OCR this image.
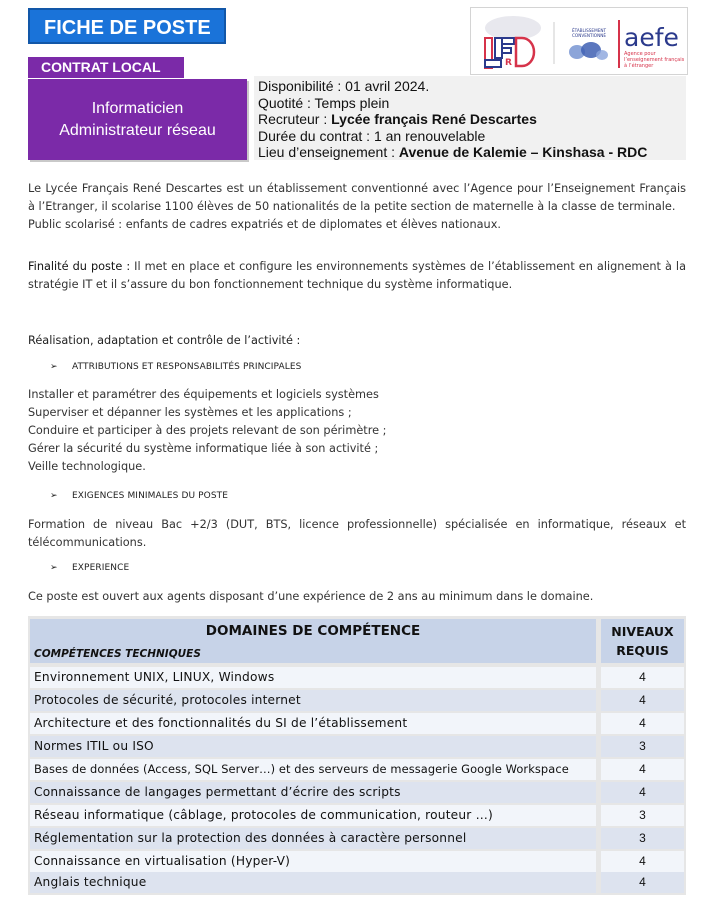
FICHE DE POSTE
CONTRAT LOCAL
Informaticien
Administrateur réseau
Disponibilité : 01 avril 2024.
Quotité : Temps plein
Recruteur : Lycée français René Descartes
Durée du contrat : 1 an renouvelable
Lieu d’enseignement : Avenue de Kalemie – Kinshasa - RDC
LFRD
R
ÉTABLISSEMENT
CONVENTIONNÉ aefe
Agence pour
l’enseignement français
à l’étranger
Le Lycée Français René Descartes est un établissement conventionné avec l’Agence pour l’Enseignement Français à l’Etranger, il scolarise 1100 élèves de 50 nationalités de la petite section de maternelle à la classe de terminale.
Public scolarisé : enfants de cadres expatriés et de diplomates et élèves nationaux.
Finalité du poste : Il met en place et configure les environnements systèmes de l’établissement en alignement à la stratégie IT et il s’assure du bon fonctionnement technique du système informatique.
Réalisation, adaptation et contrôle de l’activité :
➢ ATTRIBUTIONS ET RESPONSABILITÉS PRINCIPALES
Installer et paramétrer des équipements et logiciels systèmes
Superviser et dépanner les systèmes et les applications ;
Conduire et participer à des projets relevant de son périmètre ;
Gérer la sécurité du système informatique liée à son activité ;
Veille technologique.
➢ EXIGENCES MINIMALES DU POSTE
Formation de niveau Bac +2/3 (DUT, BTS, licence professionnelle) spécialisée en informatique, réseaux et télécommunications.
➢ EXPERIENCE
Ce poste est ouvert aux agents disposant d’une expérience de 2 ans au minimum dans le domaine.
DOMAINES DE COMPÉTENCE
COMPÉTENCES TECHNIQUES
NIVEAUX
REQUIS
Environnement UNIX, LINUX, Windows	4
Protocoles de sécurité, protocoles internet	4
Architecture et des fonctionnalités du SI de l’établissement	4
Normes ITIL ou ISO	3
Bases de données (Access, SQL Server…) et des serveurs de messagerie Google Workspace	4
Connaissance de langages permettant d’écrire des scripts	4
Réseau informatique (câblage, protocoles de communication, routeur …)	3
Réglementation sur la protection des données à caractère personnel	3
Connaissance en virtualisation (Hyper-V)	4
Anglais technique	4
